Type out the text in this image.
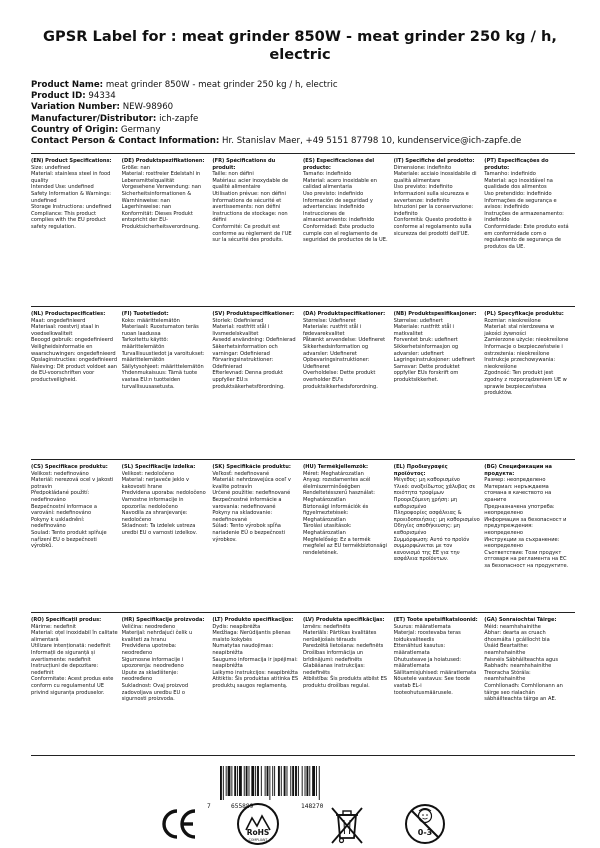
GPSR Label for : meat grinder 850W - meat grinder 250 kg / h, electric
Product Name: meat grinder 850W - meat grinder 250 kg / h, electric
Product ID: 94334
Variation Number: NEW-98960
Manufacturer/Distributor: ich-zapfe
Country of Origin: Germany
Contact Person & Contact Information: Hr. Stanislav Maer, +49 5151 87798 10, kundenservice@ich-zapfe.de
(EN) Product Specifications:
Size: undefined
Material: stainless steel in food quality
Intended Use: undefined
Safety Information & Warnings: undefined
Storage Instructions: undefined
Compliance: This product complies with the EU product safety regulation.
(DE) Produktspezifikationen:
Größe: nan
Material: rostfreier Edelstahl in Lebensmittelqualität
Vorgesehene Verwendung: nan
Sicherheitsinformationen & Warnhinweise: nan
Lagerhinweise: nan
Konformität: Dieses Produkt entspricht der EU-Produktsicherheitsverordnung.
(FR) Spécifications du produit:
Taille: non défini
Matériau: acier inoxydable de qualité alimentaire
Utilisation prévue: non défini
Informations de sécurité et avertissements: non défini
Instructions de stockage: non défini
Conformité: Ce produit est conforme au règlement de l'UE sur la sécurité des produits.
(ES) Especificaciones del producto:
Tamaño: indefinido
Material: acero inoxidable en calidad alimentaria
Uso previsto: indefinido
Información de seguridad y advertencias: indefinido
Instrucciones de almacenamiento: indefinido
Conformidad: Este producto cumple con el reglamento de seguridad de productos de la UE.
(IT) Specifiche del prodotto:
Dimensione: indefinito
Materiale: acciaio inossidabile di qualità alimentare
Uso previsto: indefinito
Informazioni sulla sicurezza e avvertenze: indefinito
Istruzioni per la conservazione: indefinito
Conformità: Questo prodotto è conforme al regolamento sulla sicurezza dei prodotti dell'UE.
(PT) Especificações do produto:
Tamanho: indefinido
Material: aço inoxidável na qualidade dos alimentos
Uso pretendido: indefinido
Informações de segurança e avisos: indefinido
Instruções de armazenamento: indefinido
Conformidade: Este produto está em conformidade com o regulamento de segurança de produtos da UE.
(NL) Productspecificaties:
Maat: ongedefinieerd
Materiaal: roestvrij staal in voedselkwaliteit
Beoogd gebruik: ongedefinieerd
Veiligheidsinformatie en waarschuwingen: ongedefinieerd
Opslaginstructies: ongedefinieerd
Naleving: Dit product voldoet aan de EU-voorschriften voor productveiligheid.
(FI) Tuotetiedot:
Koko: määrittelemätön
Materiaali: Ruostumaton teräs ruoan laadussa
Tarkoitettu käyttö: määrittelemätön
Turvallisuustiedot ja varoitukset: määrittelemätön
Säilytysohjeet: määrittelemätön
Yhdenmukaisuus: Tämä tuote vastaa EU:n tuotteiden turvallisuusasetusta.
(SV) Produktspecifikationer:
Storlek: Odefinierad
Material: rostfritt stål i livsmedelskvalitet
Avsedd användning: Odefinierad
Säkerhetsinformation och varningar: Odefinierad
Förvaringsinstruktioner: Odefinierad
Efterlevnad: Denna produkt uppfyller EU:s produktsäkerhetsförordning.
(DA) Produktspecifikationer:
Størrelse: Udefineret
Materiale: rustfrit stål i fødevarekvalitet
Påtænkt anvendelse: Udefineret
Sikkerhedsinformation og advarsler: Udefineret
Opbevaringsinstruktioner: Udefineret
Overholdelse: Dette produkt overholder EU's produktsikkerhedsforordning.
(NB) Produktspesifikasjoner:
Størrelse: udefinert
Materiale: rustfritt stål i matkvalitet
Forventet bruk: udefinert
Sikkerhetsinformasjon og advarsler: udefinert
Lagringsinstruksjoner: udefinert
Samsvar: Dette produktet oppfyller EUs forskrift om produktsikkerhet.
(PL) Specyfikacje produktu:
Rozmiar: nieokreślone
Materiał: stal nierdzewna w jakości żywności
Zamierzone użycie: nieokreślone
Informacje o bezpieczeństwie i ostrzeżenia: nieokreślone
Instrukcje przechowywania: nieokreślone
Zgodność: Ten produkt jest zgodny z rozporządzeniem UE w sprawie bezpieczeństwa produktów.
(CS) Specifikace produktu:
Velikost: nedefinováno
Materiál: nerezová ocel v jakosti potravin
Předpokládané použití: nedefinováno
Bezpečnostní informace a varování: nedefinováno
Pokyny k uskladnění: nedefinováno
Soulad: Tento produkt splňuje nařízení EU o bezpečnosti výrobků.
(SL) Specifikacije izdelka:
Velikost: nedoločeno
Material: nerjaveče jeklo v kakovosti hrane
Predvidena uporaba: nedoločeno
Varnostne informacije in opozorila: nedoločeno
Navodila za shranjevanje: nedoločeno
Skladnost: Ta izdelek ustreza uredbi EU o varnosti izdelkov.
(SK) Špecifikácie produktu:
Veľkosť: nedefinované
Materiál: nehrdzavejúca oceľ v kvalite potravín
Určené použitie: nedefinované
Bezpečnostné informácie a varovania: nedefinované
Pokyny na skladovanie: nedefinované
Súlad: Tento výrobok spĺňa nariadenie EÚ o bezpečnosti výrobkov.
(HU) Termékjellemzők:
Méret: Meghatározatlan
Anyag: rozsdamentes acél élelmiszerminőségben
Rendeltetésszerű használat: Meghatározatlan
Biztonsági információk és figyelmeztetések: Meghatározatlan
Tárolási utasítások: Meghatározatlan
Megfelelőség: Ez a termék megfelel az EU termékbiztonsági rendeletének.
(EL) Προδιαγραφές προϊόντος:
Μέγεθος: μη καθορισμένο
Υλικό: ανοξείδωτος χάλυβας σε ποιότητα τροφίμων
Προοριζόμενη χρήση: μη καθορισμένο
Πληροφορίες ασφάλειας & προειδοποιήσεις: μη καθορισμένο
Οδηγίες αποθήκευσης: μη καθορισμένο
Συμμόρφωση: Αυτό το προϊόν συμμορφώνεται με τον κανονισμό της ΕΕ για την ασφάλεια προϊόντων.
(BG) Спецификации на продукта:
Размер: неопределено
Материал: неръждаема стомана в качеството на храните
Предназначена употреба: неопределено
Информация за безопасност и предупреждения: неопределено
Инструкции за съхранение: неопределено
Съответствие: Този продукт отговаря на регламента на ЕС за безопасност на продуктите.
(RO) Specificații produs:
Mărime: nedefinit
Material: oțel inoxidabil în calitate alimentară
Utilizare intenționată: nedefinit
Informații de siguranță și avertismente: nedefinit
Instrucțiuni de depozitare: nedefinit
Conformitate: Acest produs este conform cu regulamentul UE privind siguranța produselor.
(HR) Specifikacije proizvoda:
Veličina: neodređeno
Materijal: nehrđajući čelik u kvaliteti za hranu
Predviđena upotreba: neodređeno
Sigurnosne informacije i upozorenja: neodređeno
Upute za skladištenje: neodređeno
Sukladnost: Ovaj proizvod zadovoljava uredbu EU o sigurnosti proizvoda.
(LT) Produkto specifikacijos:
Dydis: neapibrėžta
Medžiaga: Nerūdijantis plienas maisto kokybės
Numatytas naudojimas: neapibrėžta
Saugumo informacija ir įspėjimai: neapibrėžta
Laikymo instrukcijos: neapibrėžta
Atitiktis: Šis produktas atitinka ES produktų saugos reglamentą.
(LV) Produkta specifikācijas:
Izmērs: nedefinēts
Materiāls: Pārtikas kvalitātes nerūsējošais tērauds
Paredzētā lietošana: nedefinēts
Drošības informācija un brīdinājumi: nedefinēts
Glabāšanas instrukcijas: nedefinēts
Atbilstība: Šis produkts atbilst ES produktu drošības regulai.
(ET) Toote spetsifikatsioonid:
Suurus: määratlemata
Materjal: roostevaba teras toidukvaliteedis
Ettenähtud kasutus: määratlemata
Ohutusteave ja hoiatused: määratlemata
Säilitamisjuhised: määratlemata
Nõuetele vastavus: See toode vastab EL-i tooteohutusmäärusele.
(GA) Sonraíochtaí Táirge:
Méid: neamhshainithe
Ábhar: dearta as cruach dhosmálta i gcáilíocht bia
Úsáid Beartaithe: neamhshainithe
Faisnéis Sábháilteachta agus Rabhadh: neamhshainithe
Treoracha Stórála: neamhshainithe
Comhlíonadh: Comhlíonann an táirge seo rialachán sábháilteachta táirge an AE.
7	655889	148270
RoHS
COMPLIANT
0-3
